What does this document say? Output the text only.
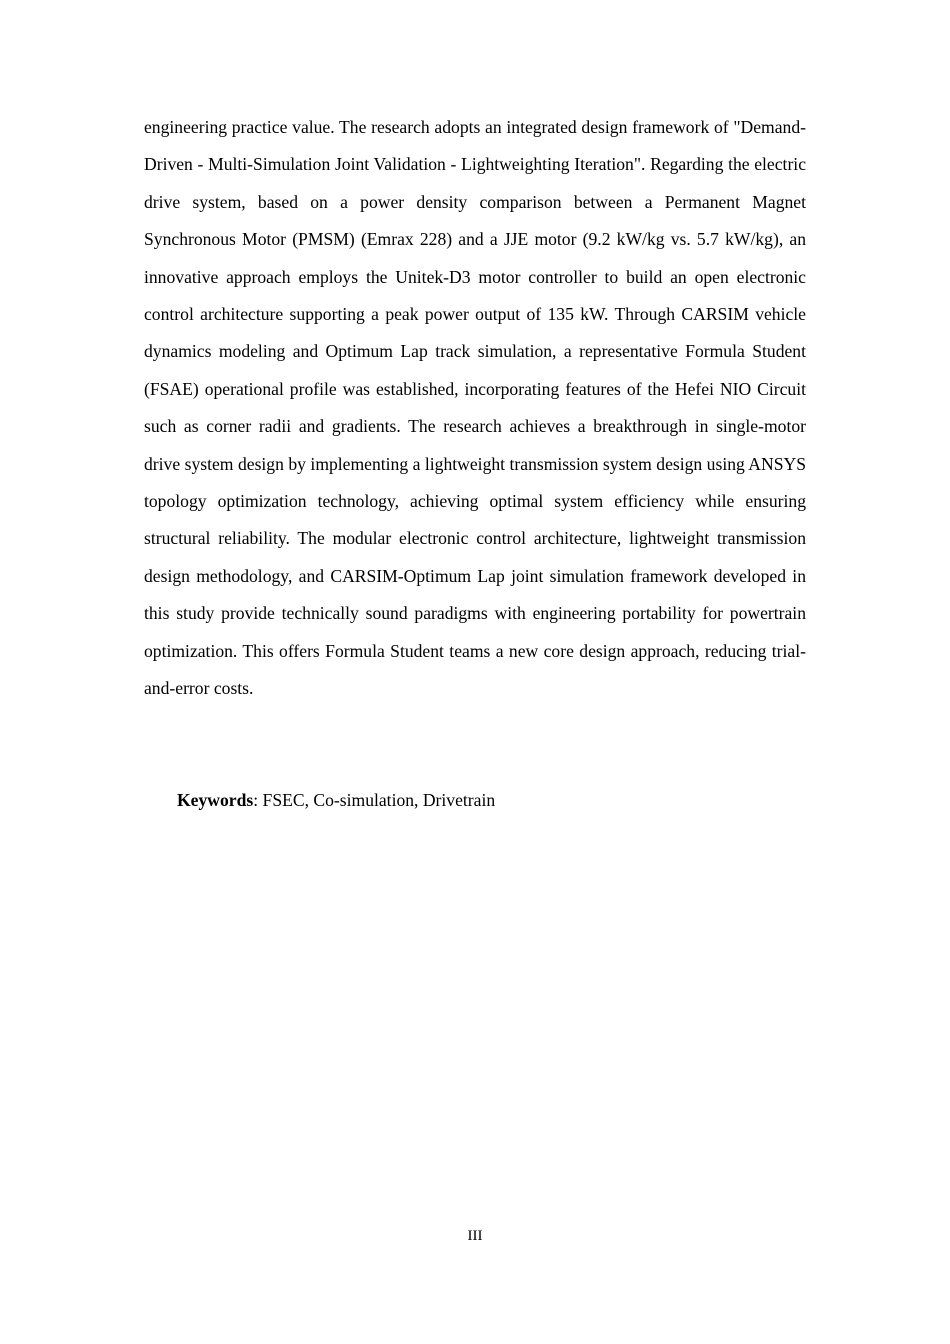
engineering practice value. The research adopts an integrated design framework of "Demand-Driven - Multi-Simulation Joint Validation - Lightweighting Iteration". Regarding the electric drive system, based on a power density comparison between a Permanent Magnet Synchronous Motor (PMSM) (Emrax 228) and a JJE motor (9.2 kW/kg vs. 5.7 kW/kg), an innovative approach employs the Unitek-D3 motor controller to build an open electronic control architecture supporting a peak power output of 135 kW. Through CARSIM vehicle dynamics modeling and Optimum Lap track simulation, a representative Formula Student (FSAE) operational profile was established, incorporating features of the Hefei NIO Circuit such as corner radii and gradients. The research achieves a breakthrough in single-motor drive system design by implementing a lightweight transmission system design using ANSYS topology optimization technology, achieving optimal system efficiency while ensuring structural reliability. The modular electronic control architecture, lightweight transmission design methodology, and CARSIM-Optimum Lap joint simulation framework developed in this study provide technically sound paradigms with engineering portability for powertrain optimization. This offers Formula Student teams a new core design approach, reducing trial-and-error costs.

Keywords: FSEC, Co-simulation, Drivetrain

III
